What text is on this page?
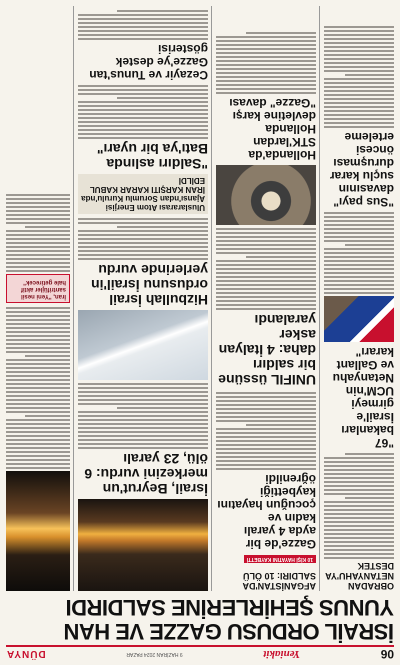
06
Yeniakit
9 HAZİRAN 2024 PAZAR
DÜNYA
İSRAİL ORDUSU GAZZE VE HAN YUNUS ŞEHİRLERİNE SALDIRDI
OBRADAN NETANYAHU'YA DESTEK
"67 bakanları İsrail'e girmeyi UCM'nin Netanyahu ve Gallant kararı"
"Sus payı" davasının suçlu karar duruşması öncesi erteleme
AFGANİSTAN'DA SALDIRI: 10 ÖLÜ
10 KİŞİ HAYATINI KAYBETTİ
Gazze'de bir ayda 4 yaralı kadın ve çocuğun hayatını kaybettiği öğrenildi
UNIFIL üssüne bir saldırı daha: 4 İtalyan asker yaralandı
Hollanda'da STK'lardan Hollanda devletine karşı "Gazze" davası
İsrail, Beyrut'un merkezini vurdu: 6 ölü, 23 yaralı
Hizbullah İsrail ordusunu İsrail'in yerlerinde vurdu
Uluslararası Atom Enerjisi Ajansı'ndan Sorumlu Kurulu'nda İRAN KARŞITI KARAR KABUL EDİLDİ
"Saldırı aslında Batı'ya bir uyarı"
Cezayir ve Tunus'tan Gazze'ye destek gösterisi
İran, "Yeni nesil santrifüjler aktif hale getirecek"
